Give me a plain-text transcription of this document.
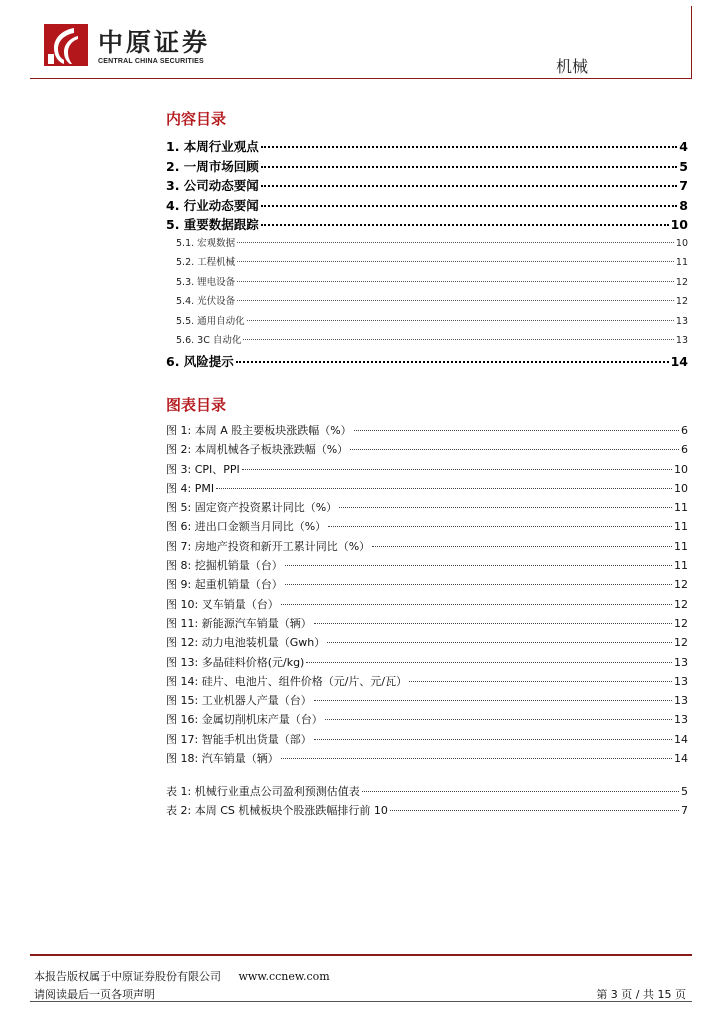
中原证券
CENTRAL CHINA SECURITIES	机械
内容目录
1. 本周行业观点	4
2. 一周市场回顾	5
3. 公司动态要闻	7
4. 行业动态要闻	8
5. 重要数据跟踪	10
5.1. 宏观数据	10
5.2. 工程机械	11
5.3. 锂电设备	12
5.4. 光伏设备	12
5.5. 通用自动化	13
5.6. 3C 自动化	13
6. 风险提示	14
图表目录
图 1: 本周 A 股主要板块涨跌幅（%）	6
图 2: 本周机械各子板块涨跌幅（%）	6
图 3: CPI、PPI	10
图 4: PMI	10
图 5: 固定资产投资累计同比（%）	11
图 6: 进出口金额当月同比（%）	11
图 7: 房地产投资和新开工累计同比（%）	11
图 8: 挖掘机销量（台）	11
图 9: 起重机销量（台）	12
图 10: 叉车销量（台）	12
图 11: 新能源汽车销量（辆）	12
图 12: 动力电池装机量（Gwh）	12
图 13: 多晶硅料价格(元/kg)	13
图 14: 硅片、电池片、组件价格（元/片、元/瓦）	13
图 15: 工业机器人产量（台）	13
图 16: 金属切削机床产量（台）	13
图 17: 智能手机出货量（部）	14
图 18: 汽车销量（辆）	14
表 1: 机械行业重点公司盈利预测估值表	5
表 2: 本周 CS 机械板块个股涨跌幅排行前 10	7
本报告版权属于中原证券股份有限公司 www.ccnew.com
请阅读最后一页各项声明	第 3 页 / 共 15 页
